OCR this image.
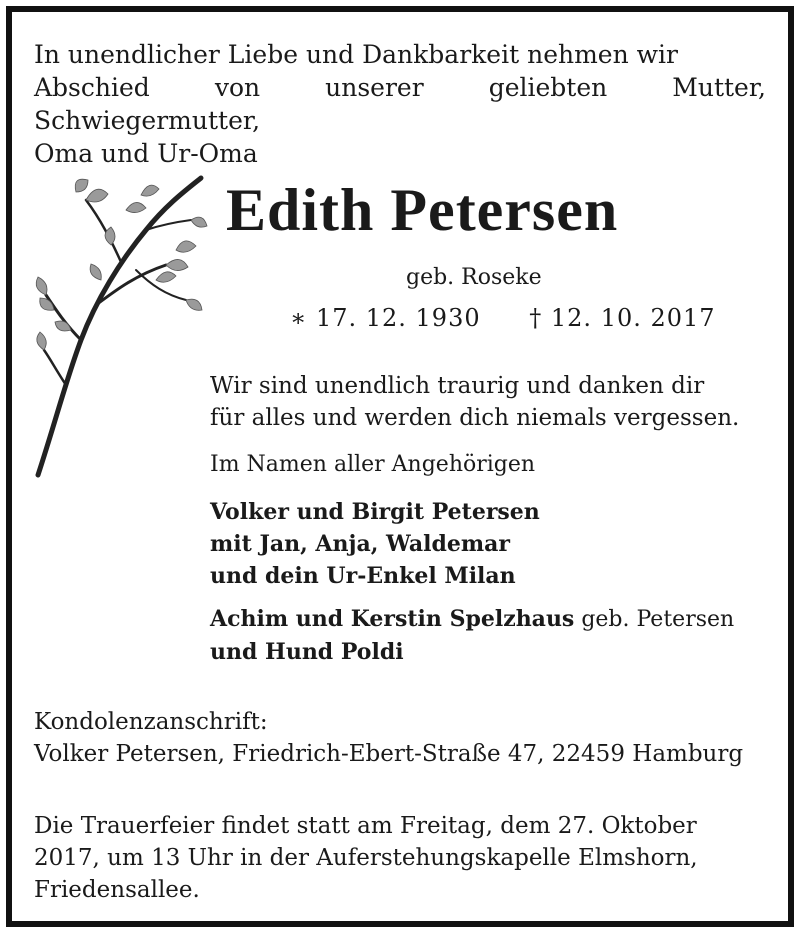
In unendlicher Liebe und Dankbarkeit nehmen wir
Abschied von unserer geliebten Mutter, Schwiegermutter,
Oma und Ur-Oma
Edith Petersen
geb. Roseke
∗ 17. 12. 1930 † 12. 10. 2017
Wir sind unendlich traurig und danken dir
für alles und werden dich niemals vergessen.
Im Namen aller Angehörigen
Volker und Birgit Petersen
mit Jan, Anja, Waldemar
und dein Ur-Enkel Milan
Achim und Kerstin Spelzhaus geb. Petersen
und Hund Poldi
Kondolenzanschrift:
Volker Petersen, Friedrich-Ebert-Straße 47, 22459 Hamburg
Die Trauerfeier findet statt am Freitag, dem 27. Oktober
2017, um 13 Uhr in der Auferstehungskapelle Elmshorn,
Friedensallee.
